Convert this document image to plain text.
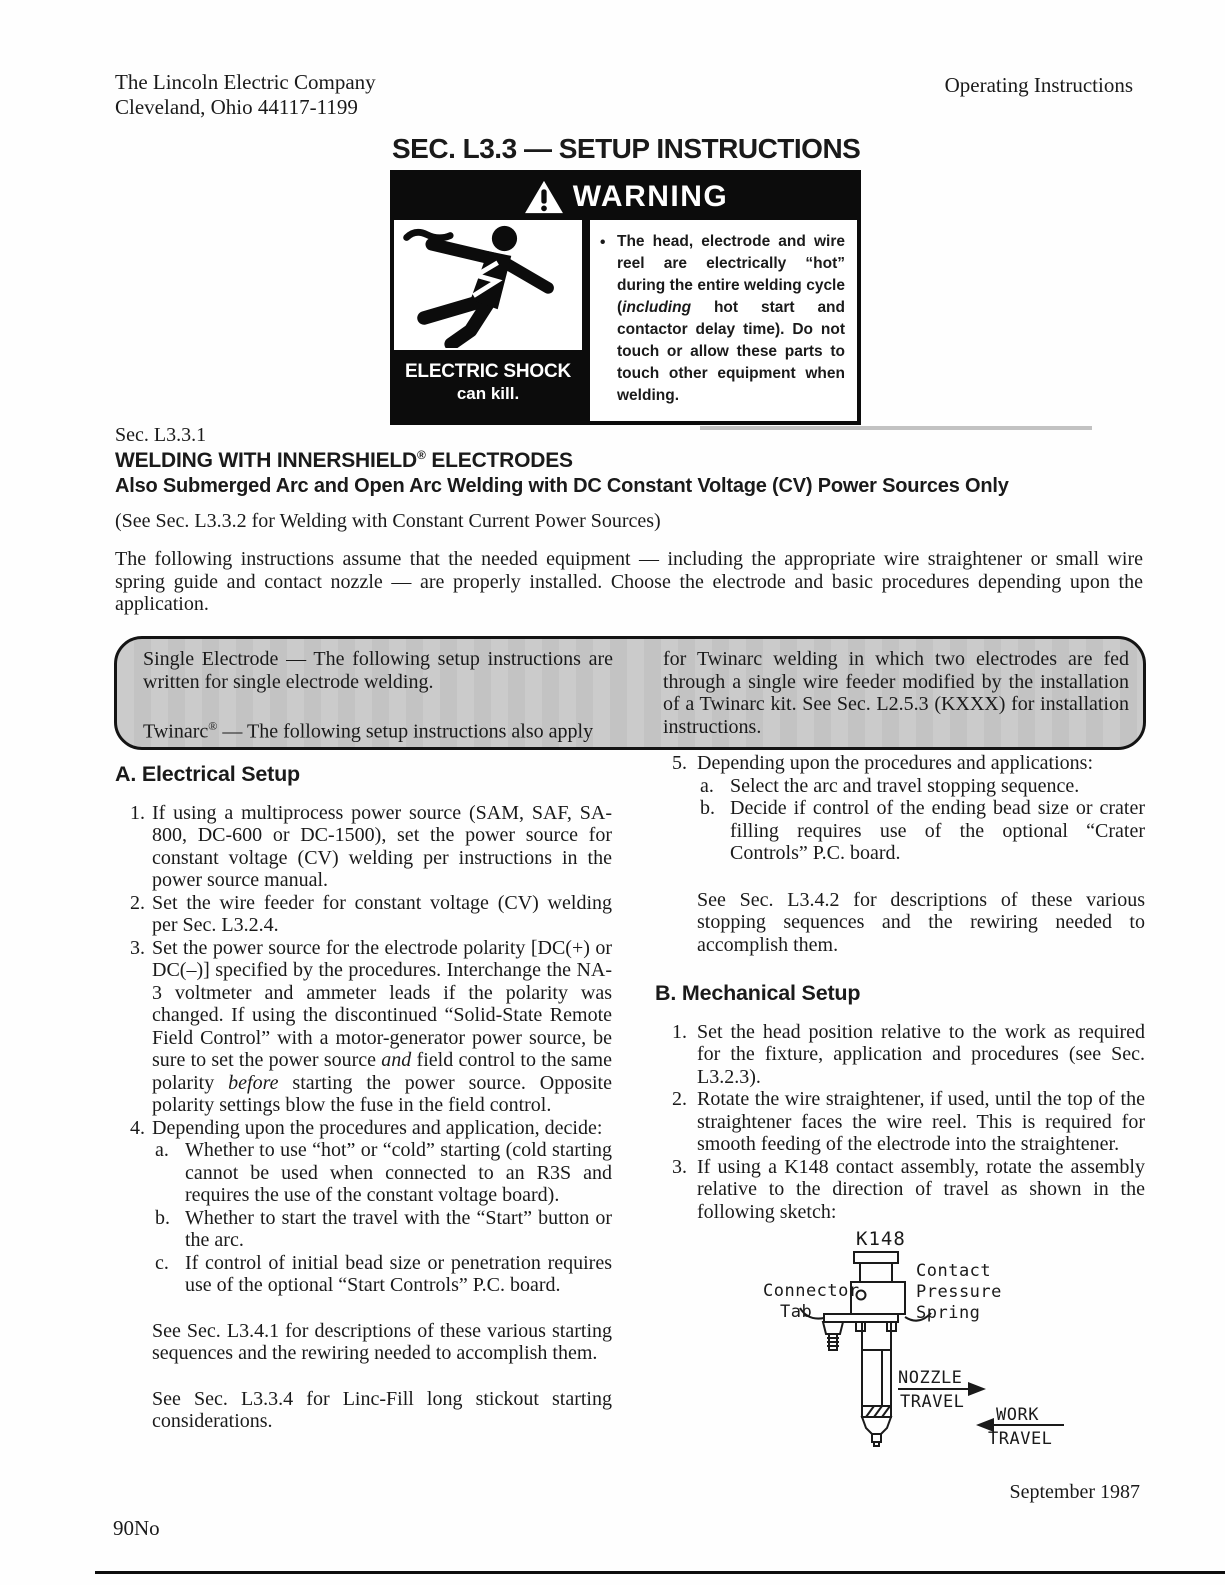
The Lincoln Electric Company
Cleveland, Ohio 44117-1199
Operating Instructions
SEC. L3.3 — SETUP INSTRUCTIONS
WARNING
ELECTRIC SHOCK
can kill.
• The head, electrode and wire reel are electrically “hot” during the entire welding cycle (including hot start and contactor delay time). Do not touch or allow these parts to touch other equipment when welding.
Sec. L3.3.1
WELDING WITH INNERSHIELD® ELECTRODES
Also Submerged Arc and Open Arc Welding with DC Constant Voltage (CV) Power Sources Only
(See Sec. L3.3.2 for Welding with Constant Current Power Sources)
The following instructions assume that the needed equipment — including the appropriate wire straightener or small wire spring guide and contact nozzle — are properly installed. Choose the electrode and basic procedures depending upon the application.
Single Electrode — The following setup instructions are written for single electrode welding.
Twinarc® — The following setup instructions also apply
for Twinarc welding in which two electrodes are fed through a single wire feeder modified by the installation of a Twinarc kit. See Sec. L2.5.3 (KXXX) for installation instructions.
A. Electrical Setup
1. If using a multiprocess power source (SAM, SAF, SA-800, DC-600 or DC-1500), set the power source for constant voltage (CV) welding per instructions in the power source manual.
2. Set the wire feeder for constant voltage (CV) welding per Sec. L3.2.4.
3. Set the power source for the electrode polarity [DC(+) or DC(–)] specified by the procedures. Interchange the NA-3 voltmeter and ammeter leads if the polarity was changed. If using the discontinued “Solid-State Remote Field Control” with a motor-generator power source, be sure to set the power source and field control to the same polarity before starting the power source. Opposite polarity settings blow the fuse in the field control.
4. Depending upon the procedures and application, decide:
a. Whether to use “hot” or “cold” starting (cold starting cannot be used when connected to an R3S and requires the use of the constant voltage board).
b. Whether to start the travel with the “Start” button or the arc.
c. If control of initial bead size or penetration requires use of the optional “Start Controls” P.C. board.
See Sec. L3.4.1 for descriptions of these various starting sequences and the rewiring needed to accomplish them.
See Sec. L3.3.4 for Linc-Fill long stickout starting considerations.
5. Depending upon the procedures and applications:
a. Select the arc and travel stopping sequence.
b. Decide if control of the ending bead size or crater filling requires use of the optional “Crater Controls” P.C. board.
See Sec. L3.4.2 for descriptions of these various stopping sequences and the rewiring needed to accomplish them.
B. Mechanical Setup
1. Set the head position relative to the work as required for the fixture, application and procedures (see Sec. L3.2.3).
2. Rotate the wire straightener, if used, until the top of the straightener faces the wire reel. This is required for smooth feeding of the electrode into the straightener.
3. If using a K148 contact assembly, rotate the assembly relative to the direction of travel as shown in the following sketch:
K148
Connector
Tab
Contact
Pressure
Spring
NOZZLE
TRAVEL
WORK
TRAVEL
September 1987
90No
